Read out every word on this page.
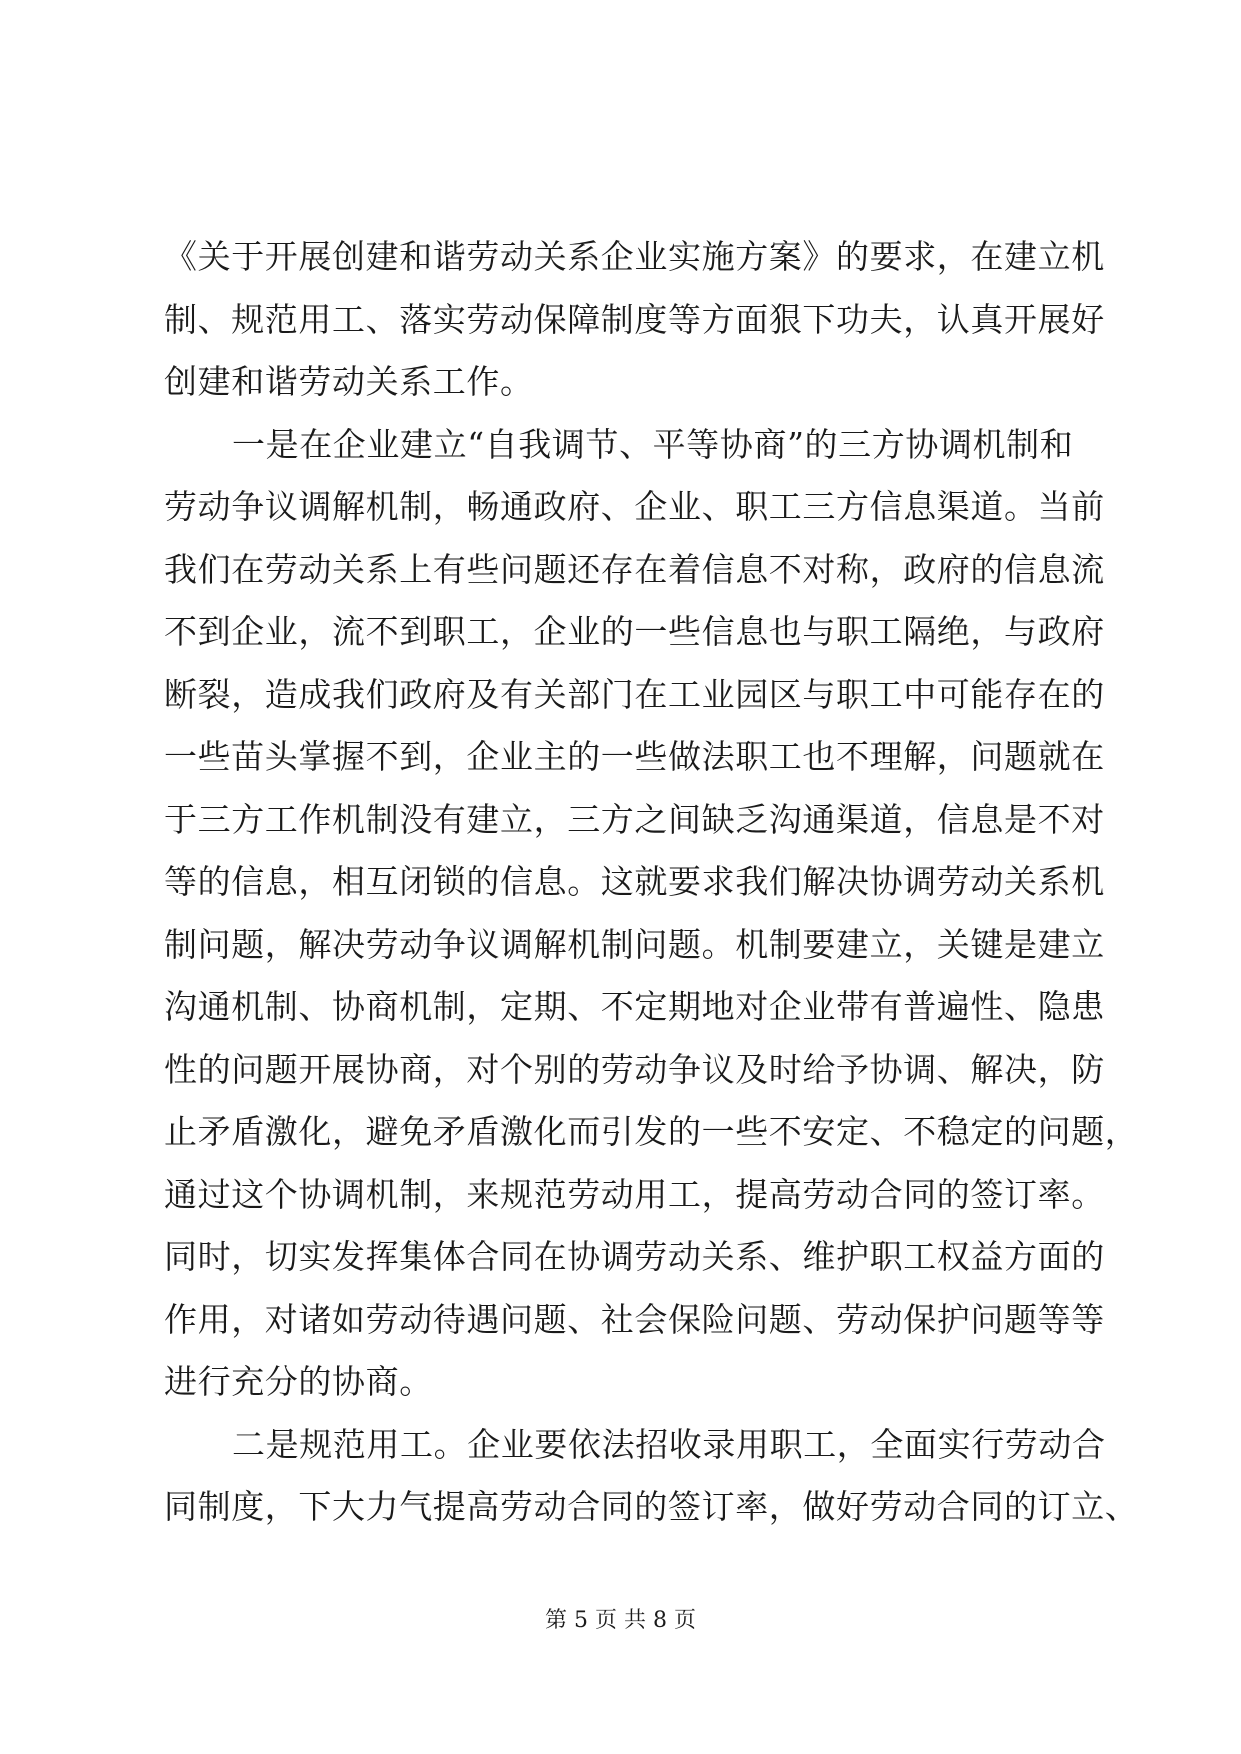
《关于开展创建和谐劳动关系企业实施方案》的要求，在建立机
制、规范用工、落实劳动保障制度等方面狠下功夫，认真开展好
创建和谐劳动关系工作。
一是在企业建立“自我调节、平等协商”的三方协调机制和
劳动争议调解机制，畅通政府、企业、职工三方信息渠道。当前
我们在劳动关系上有些问题还存在着信息不对称，政府的信息流
不到企业，流不到职工，企业的一些信息也与职工隔绝，与政府
断裂，造成我们政府及有关部门在工业园区与职工中可能存在的
一些苗头掌握不到，企业主的一些做法职工也不理解，问题就在
于三方工作机制没有建立，三方之间缺乏沟通渠道，信息是不对
等的信息，相互闭锁的信息。这就要求我们解决协调劳动关系机
制问题，解决劳动争议调解机制问题。机制要建立，关键是建立
沟通机制、协商机制，定期、不定期地对企业带有普遍性、隐患
性的问题开展协商，对个别的劳动争议及时给予协调、解决，防
止矛盾激化，避免矛盾激化而引发的一些不安定、不稳定的问题，
通过这个协调机制，来规范劳动用工，提高劳动合同的签订率。
同时，切实发挥集体合同在协调劳动关系、维护职工权益方面的
作用，对诸如劳动待遇问题、社会保险问题、劳动保护问题等等
进行充分的协商。
二是规范用工。企业要依法招收录用职工，全面实行劳动合
同制度，下大力气提高劳动合同的签订率，做好劳动合同的订立、
第 5 页 共 8 页
